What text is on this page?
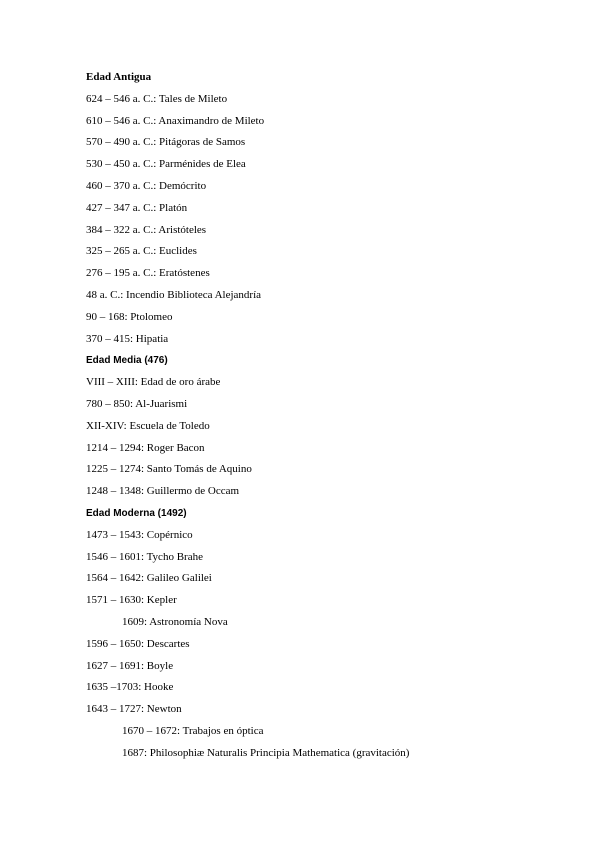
Edad Antigua
624 – 546 a. C.: Tales de Mileto
610 – 546 a. C.: Anaximandro de Mileto
570 – 490 a. C.: Pitágoras de Samos
530 – 450 a. C.: Parménides de Elea
460 – 370 a. C.: Demócrito
427 – 347 a. C.: Platón
384 – 322 a. C.: Aristóteles
325 – 265 a. C.: Euclides
276 – 195 a. C.: Eratóstenes
48 a. C.: Incendio Biblioteca Alejandría
90 – 168: Ptolomeo
370 – 415: Hipatia
Edad Media (476)
VIII – XIII: Edad de oro árabe
780 – 850: Al-Juarismi
XII-XIV: Escuela de Toledo
1214 – 1294: Roger Bacon
1225 – 1274: Santo Tomás de Aquino
1248 – 1348: Guillermo de Occam
Edad Moderna (1492)
1473 – 1543: Copérnico
1546 – 1601: Tycho Brahe
1564 – 1642: Galileo Galilei
1571 – 1630: Kepler
1609: Astronomía Nova
1596 – 1650: Descartes
1627 – 1691: Boyle
1635 –1703: Hooke
1643 – 1727: Newton
1670 – 1672: Trabajos en óptica
1687: Philosophiæ Naturalis Principia Mathematica (gravitación)
